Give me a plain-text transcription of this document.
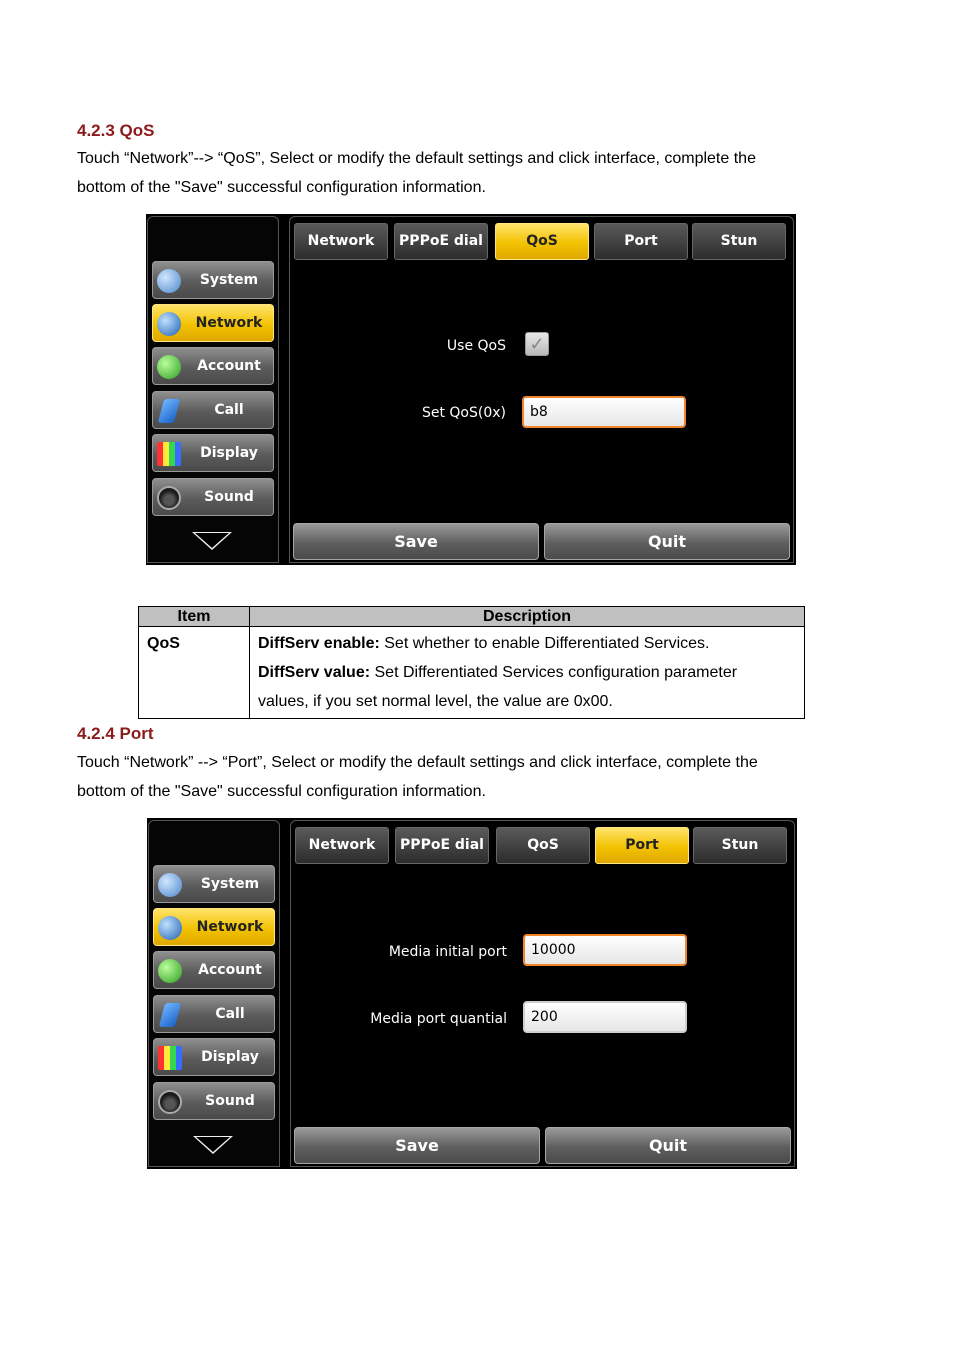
4.2.3 QoS
Touch “Network”--> “QoS”, Select or modify the default settings and click interface, complete the
bottom of the "Save" successful configuration information.
System
Network
Account
Call
Display
Sound
Network	PPPoE dial	QoS	Port	Stun
Use QoS ✓
Set QoS(0x)	b8
Save	Quit
Item	Description
QoS	DiffServ enable: Set whether to enable Differentiated Services.
DiffServ value: Set Differentiated Services configuration parameter
values, if you set normal level, the value are 0x00.
4.2.4 Port
Touch “Network” --> “Port”, Select or modify the default settings and click interface, complete the
bottom of the "Save" successful configuration information.
System
Network
Account
Call
Display
Sound
Network	PPPoE dial	QoS	Port	Stun
Media initial port	10000
Media port quantial	200
Save	Quit
